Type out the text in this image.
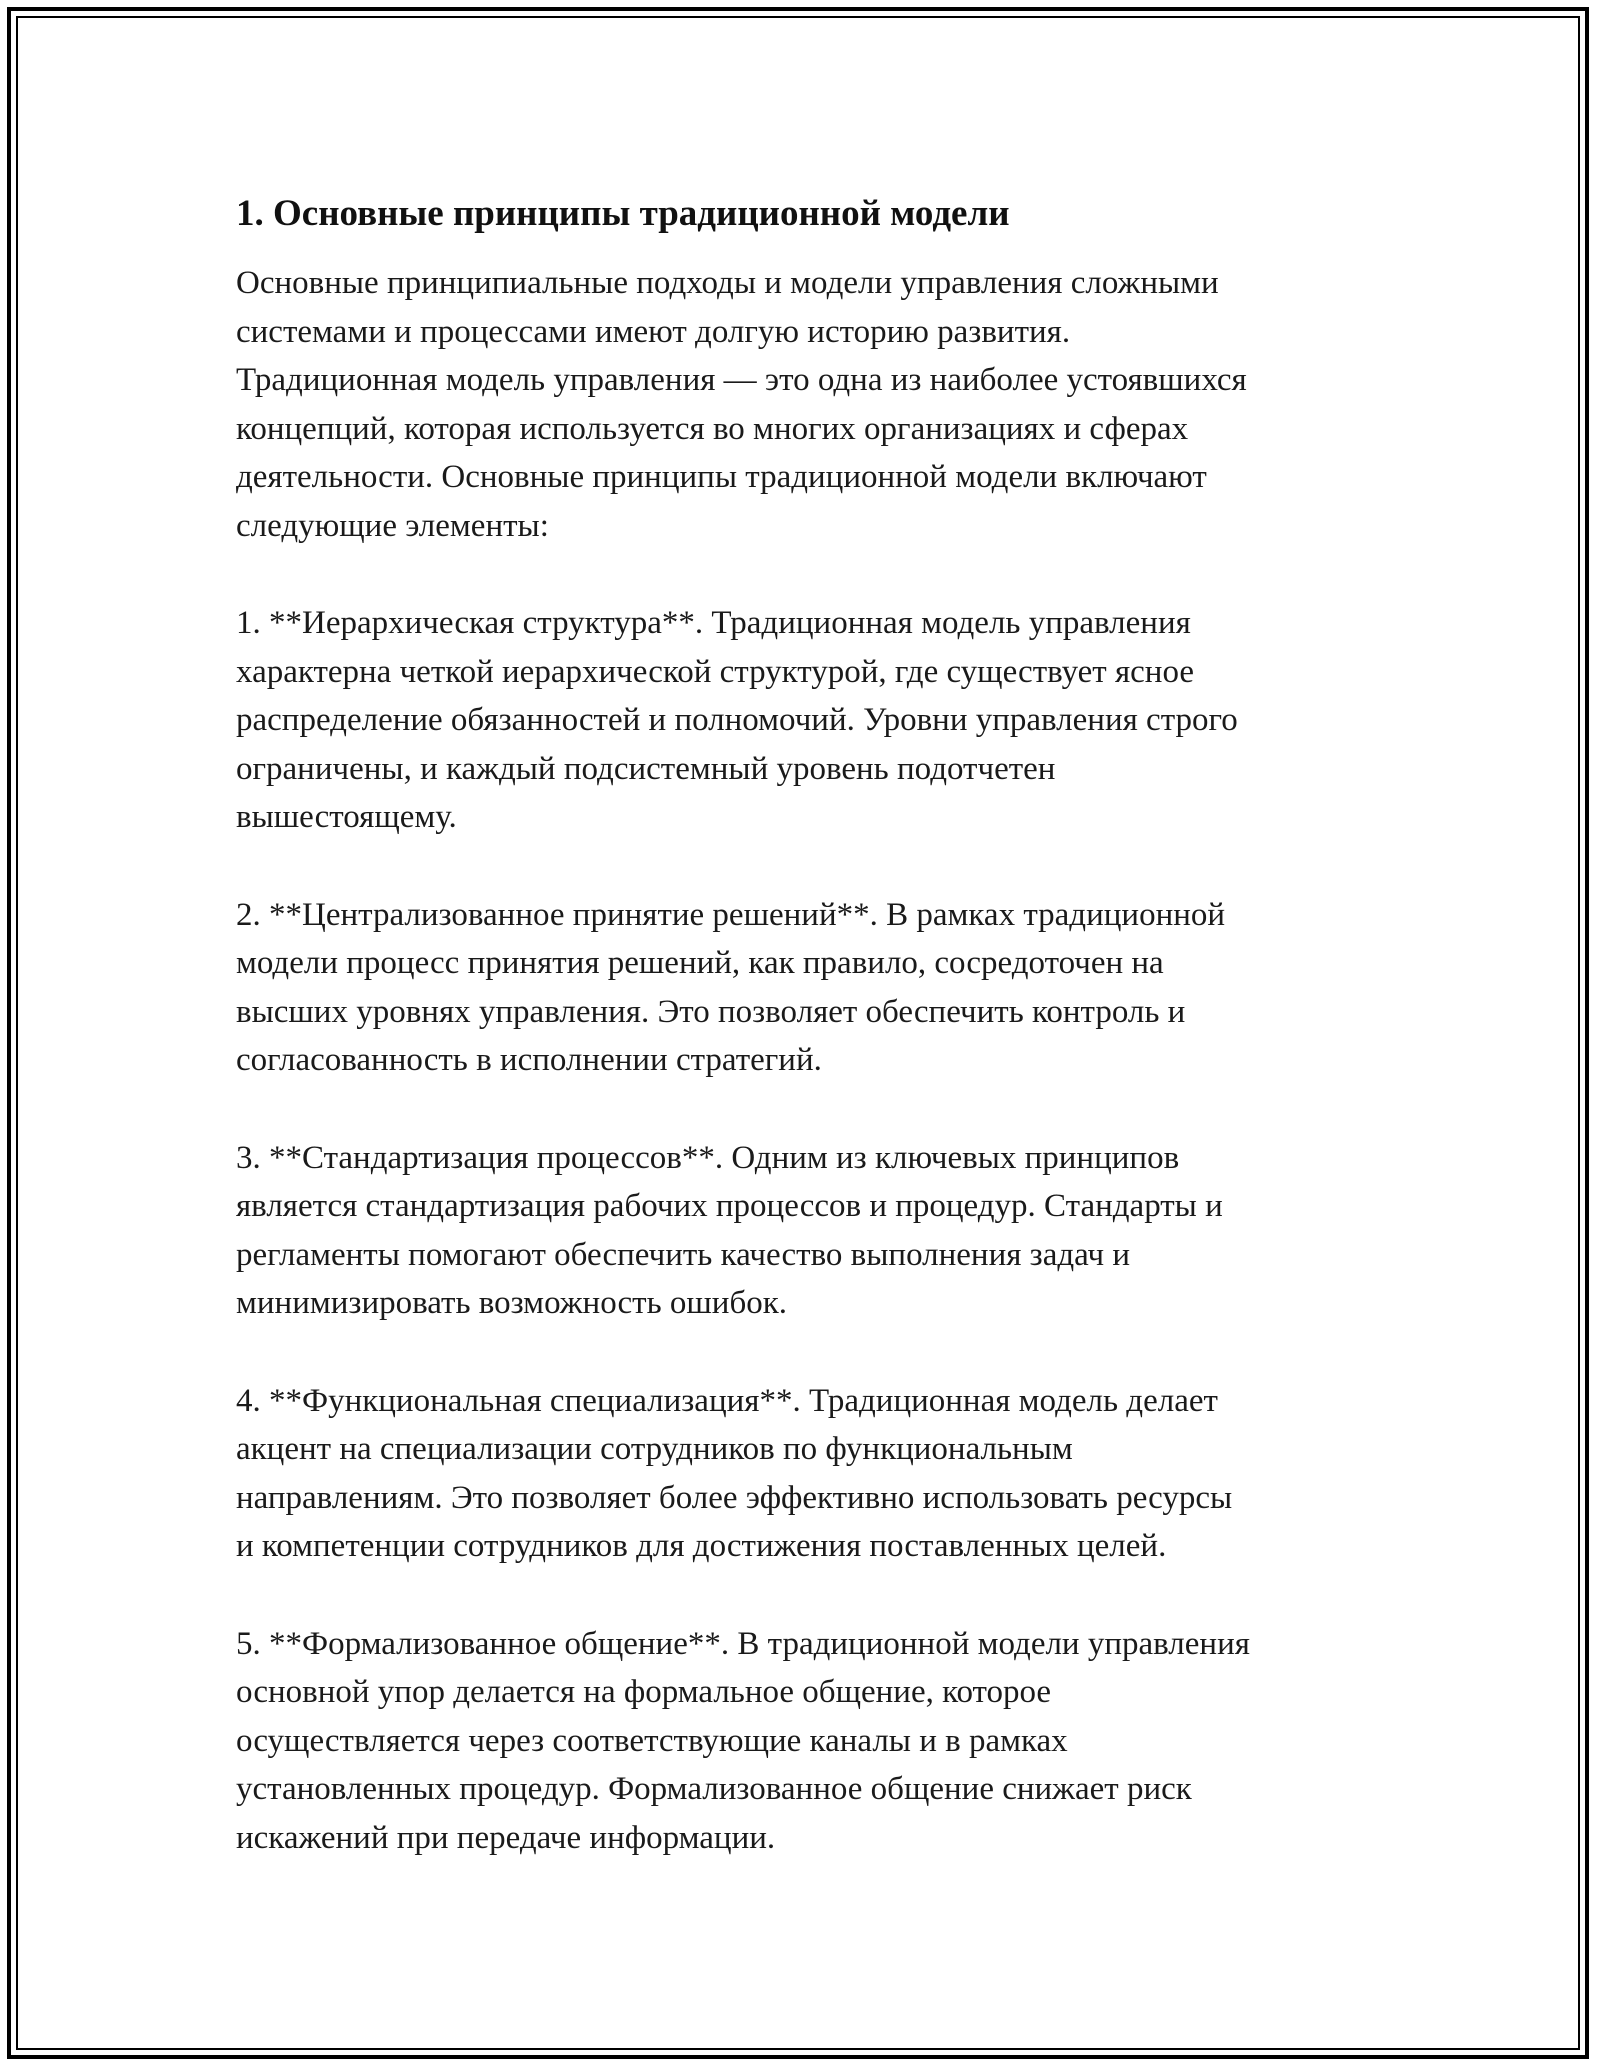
1. Основные принципы традиционной модели

Основные принципиальные подходы и модели управления сложными
системами и процессами имеют долгую историю развития.
Традиционная модель управления — это одна из наиболее устоявшихся
концепций, которая используется во многих организациях и сферах
деятельности. Основные принципы традиционной модели включают
следующие элементы:

1. **Иерархическая структура**. Традиционная модель управления
характерна четкой иерархической структурой, где существует ясное
распределение обязанностей и полномочий. Уровни управления строго
ограничены, и каждый подсистемный уровень подотчетен
вышестоящему.

2. **Централизованное принятие решений**. В рамках традиционной
модели процесс принятия решений, как правило, сосредоточен на
высших уровнях управления. Это позволяет обеспечить контроль и
согласованность в исполнении стратегий.

3. **Стандартизация процессов**. Одним из ключевых принципов
является стандартизация рабочих процессов и процедур. Стандарты и
регламенты помогают обеспечить качество выполнения задач и
минимизировать возможность ошибок.

4. **Функциональная специализация**. Традиционная модель делает
акцент на специализации сотрудников по функциональным
направлениям. Это позволяет более эффективно использовать ресурсы
и компетенции сотрудников для достижения поставленных целей.

5. **Формализованное общение**. В традиционной модели управления
основной упор делается на формальное общение, которое
осуществляется через соответствующие каналы и в рамках
установленных процедур. Формализованное общение снижает риск
искажений при передаче информации.
